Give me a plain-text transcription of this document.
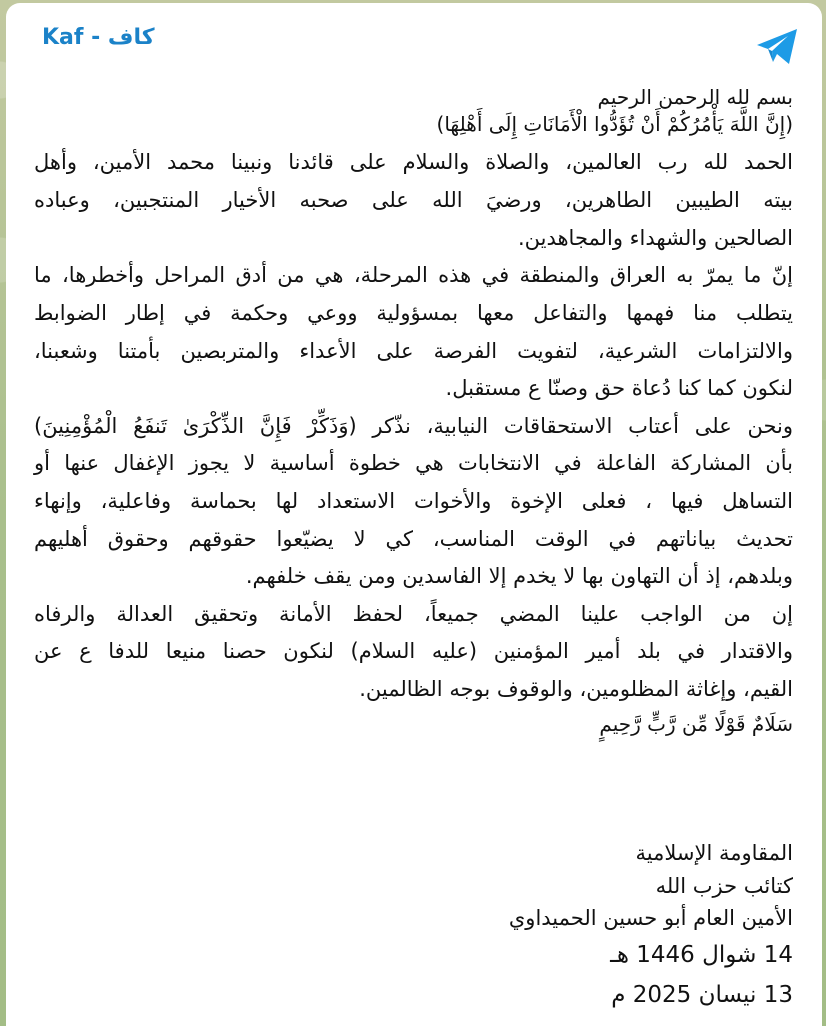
Kaf - كاف

بسم لله الرحمن الرحيم

(إِنَّ اللَّهَ يَأْمُرُكُمْ أَنْ تُؤَدُّوا الْأَمَانَاتِ إِلَى أَهْلِهَا)

الحمد لله رب العالمين، والصلاة والسلام على قائدنا ونبينا محمد الأمين، وأهل

بيته الطيبين الطاهرين، ورضيَ الله على صحبه الأخيار المنتجبين، وعباده

الصالحين والشهداء والمجاهدين.

إنّ ما يمرّ به العراق والمنطقة في هذه المرحلة، هي من أدق المراحل وأخطرها، ما

يتطلب منا فهمها والتفاعل معها بمسؤولية ووعي وحكمة في إطار الضوابط

والالتزامات الشرعية، لتفويت الفرصة على الأعداء والمتربصين بأمتنا وشعبنا،

لنكون كما كنا دُعاة حق وصنّا ع مستقبل.

ونحن على أعتاب الاستحقاقات النيابية، نذّكر (وَذَكِّرْ فَإِنَّ الذِّكْرَىٰ تَنفَعُ الْمُؤْمِنِينَ)

بأن المشاركة الفاعلة في الانتخابات هي خطوة أساسية لا يجوز الإغفال عنها أو

التساهل فيها ، فعلى الإخوة والأخوات الاستعداد لها بحماسة وفاعلية، وإنهاء

تحديث بياناتهم في الوقت المناسب، كي لا يضيّعوا حقوقهم وحقوق أهليهم

وبلدهم، إذ أن التهاون بها لا يخدم إلا الفاسدين ومن يقف خلفهم.

إن من الواجب علينا المضي جميعاً، لحفظ الأمانة وتحقيق العدالة والرفاه

والاقتدار في بلد أمير المؤمنين (عليه السلام) لنكون حصنا منيعا للدفا ع عن

القيم، وإغاثة المظلومين، والوقوف بوجه الظالمين.

سَلَامٌ قَوْلًا مِّن رَّبٍّ رَّحِيمٍ

المقاومة الإسلامية

كتائب حزب الله

الأمين العام أبو حسين الحميداوي

14 شوال 1446 هـ

13 نيسان 2025 م
